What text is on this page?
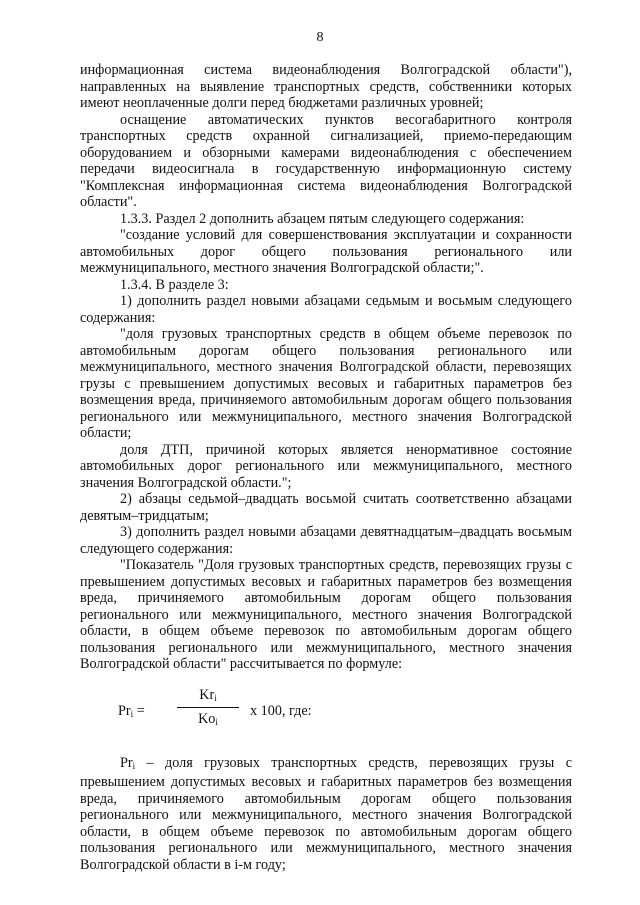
8

информационная система видеонаблюдения Волгоградской области"), направленных на выявление транспортных средств, собственники которых имеют неоплаченные долги перед бюджетами различных уровней;

оснащение автоматических пунктов весогабаритного контроля транспортных средств охранной сигнализацией, приемо-передающим оборудованием и обзорными камерами видеонаблюдения с обеспечением передачи видеосигнала в государственную информационную систему "Комплексная информационная система видеонаблюдения Волгоградской области".

1.3.3. Раздел 2 дополнить абзацем пятым следующего содержания:

"создание условий для совершенствования эксплуатации и сохранности автомобильных дорог общего пользования регионального или межмуниципального, местного значения Волгоградской области;".

1.3.4. В разделе 3:

1) дополнить раздел новыми абзацами седьмым и восьмым следующего содержания:

"доля грузовых транспортных средств в общем объеме перевозок по автомобильным дорогам общего пользования регионального или межмуниципального, местного значения Волгоградской области, перевозящих грузы с превышением допустимых весовых и габаритных параметров без возмещения вреда, причиняемого автомобильным дорогам общего пользования регионального или межмуниципального, местного значения Волгоградской области;

доля ДТП, причиной которых является ненормативное состояние автомобильных дорог регионального или межмуниципального, местного значения Волгоградской области.";

2) абзацы седьмой–двадцать восьмой считать соответственно абзацами девятым–тридцатым;

3) дополнить раздел новыми абзацами девятнадцатым–двадцать восьмым следующего содержания:

"Показатель "Доля грузовых транспортных средств, перевозящих грузы с превышением допустимых весовых и габаритных параметров без возмещения вреда, причиняемого автомобильным дорогам общего пользования регионального или межмуниципального, местного значения Волгоградской области, в общем объеме перевозок по автомобильным дорогам общего пользования регионального или межмуниципального, местного значения Волгоградской области" рассчитывается по формуле:

$Pr_i$ =
$Kr_i$
$Ko_i$
x 100, где:

$Pr_i$ – доля грузовых транспортных средств, перевозящих грузы с превышением допустимых весовых и габаритных параметров без возмещения вреда, причиняемого автомобильным дорогам общего пользования регионального или межмуниципального, местного значения Волгоградской области, в общем объеме перевозок по автомобильным дорогам общего пользования регионального или межмуниципального, местного значения Волгоградской области в i-м году;
